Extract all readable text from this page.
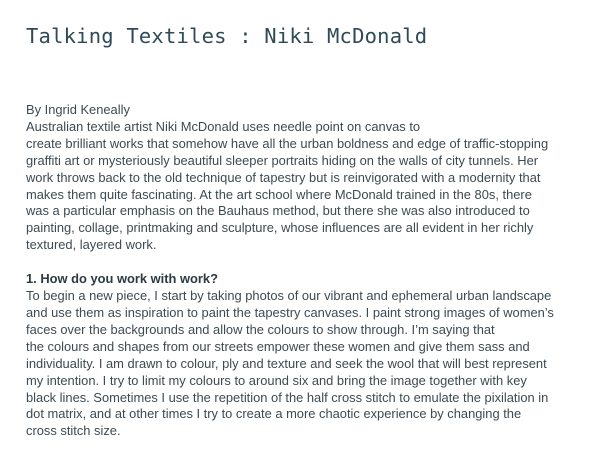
Talking Textiles : Niki McDonald
By Ingrid Keneally
Australian textile artist Niki McDonald uses needle point on canvas to
create brilliant works that somehow have all the urban boldness and edge of traffic-stopping
graffiti art or mysteriously beautiful sleeper portraits hiding on the walls of city tunnels. Her
work throws back to the old technique of tapestry but is reinvigorated with a modernity that
makes them quite fascinating. At the art school where McDonald trained in the 80s, there
was a particular emphasis on the Bauhaus method, but there she was also introduced to
painting, collage, printmaking and sculpture, whose influences are all evident in her richly
textured, layered work.
1. How do you work with work?
To begin a new piece, I start by taking photos of our vibrant and ephemeral urban landscape
and use them as inspiration to paint the tapestry canvases. I paint strong images of women’s
faces over the backgrounds and allow the colours to show through. I’m saying that
the colours and shapes from our streets empower these women and give them sass and
individuality. I am drawn to colour, ply and texture and seek the wool that will best represent
my intention. I try to limit my colours to around six and bring the image together with key
black lines. Sometimes I use the repetition of the half cross stitch to emulate the pixilation in
dot matrix, and at other times I try to create a more chaotic experience by changing the
cross stitch size.
